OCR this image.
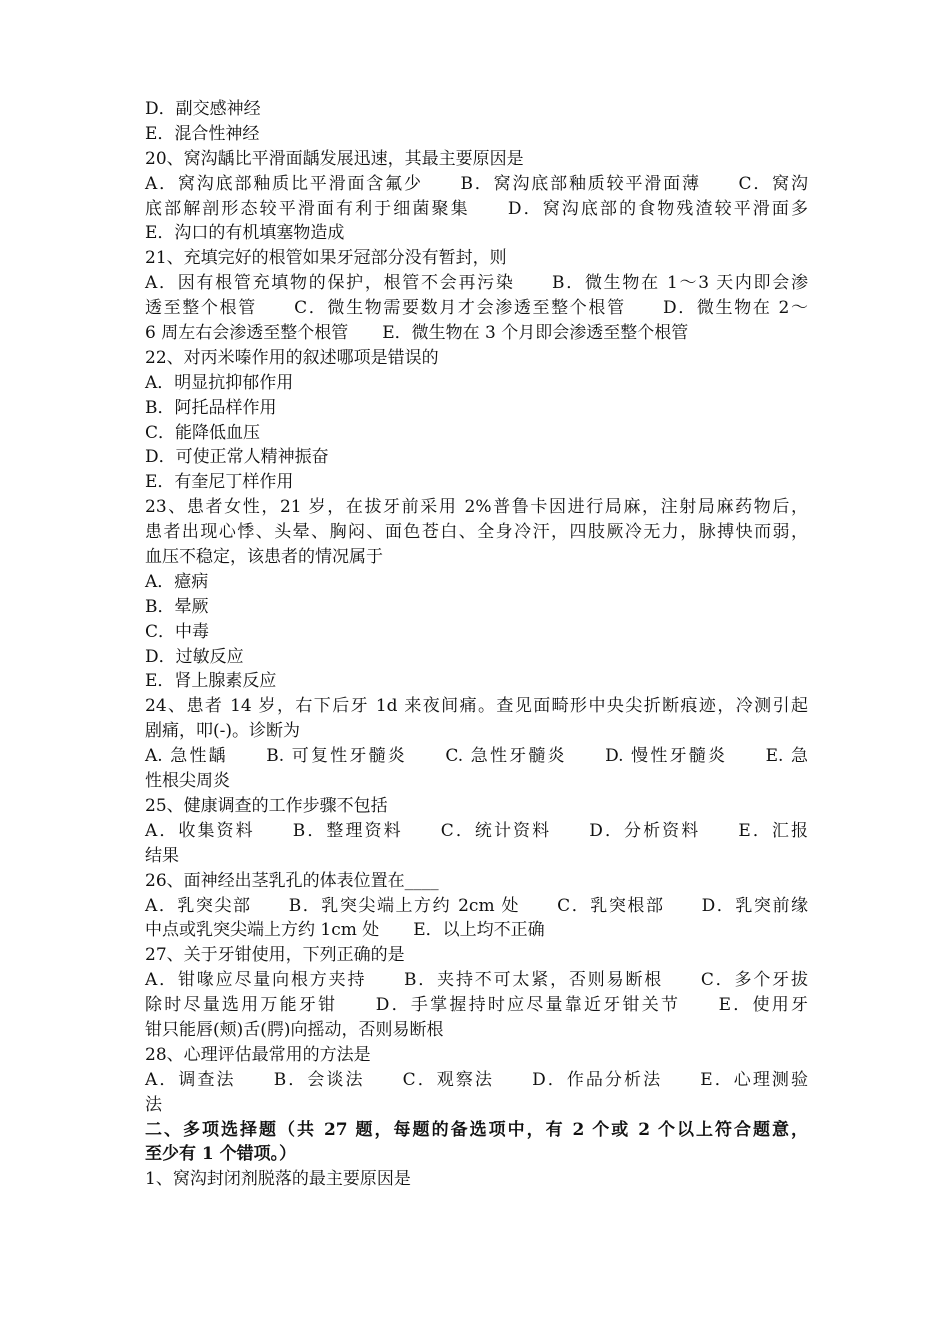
D．副交感神经
E．混合性神经
20、窝沟龋比平滑面龋发展迅速，其最主要原因是
A．窝沟底部釉质比平滑面含氟少　　B．窝沟底部釉质较平滑面薄　　C．窝沟
底部解剖形态较平滑面有利于细菌聚集　　D．窝沟底部的食物残渣较平滑面多
E．沟口的有机填塞物造成
21、充填完好的根管如果牙冠部分没有暂封，则
A．因有根管充填物的保护，根管不会再污染　　B．微生物在 1～3 天内即会渗
透至整个根管　　C．微生物需要数月才会渗透至整个根管　　D．微生物在 2～
6 周左右会渗透至整个根管　　E．微生物在 3 个月即会渗透至整个根管
22、对丙米嗪作用的叙述哪项是错误的
A．明显抗抑郁作用
B．阿托品样作用
C．能降低血压
D．可使正常人精神振奋
E．有奎尼丁样作用
23、患者女性，21 岁，在拔牙前采用 2%普鲁卡因进行局麻，注射局麻药物后，
患者出现心悸、头晕、胸闷、面色苍白、全身冷汗，四肢厥冷无力，脉搏快而弱，
血压不稳定，该患者的情况属于
A．癔病
B．晕厥
C．中毒
D．过敏反应
E．肾上腺素反应
24、患者 14 岁，右下后牙 1d 来夜间痛。查见面畸形中央尖折断痕迹，冷测引起
剧痛，叩(-)。诊断为
A. 急性龋　　B. 可复性牙髓炎　　C. 急性牙髓炎　　D. 慢性牙髓炎　　E. 急
性根尖周炎
25、健康调查的工作步骤不包括
A．收集资料　　B．整理资料　　C．统计资料　　D．分析资料　　E．汇报
结果
26、面神经出茎乳孔的体表位置在____
A．乳突尖部　　B．乳突尖端上方约 2cm 处　　C．乳突根部　　D．乳突前缘
中点或乳突尖端上方约 1cm 处　　E．以上均不正确
27、关于牙钳使用，下列正确的是
A．钳喙应尽量向根方夹持　　B．夹持不可太紧，否则易断根　　C．多个牙拔
除时尽量选用万能牙钳　　D．手掌握持时应尽量靠近牙钳关节　　E．使用牙
钳只能唇(颊)舌(腭)向摇动，否则易断根
28、心理评估最常用的方法是
A．调查法　　B．会谈法　　C．观察法　　D．作品分析法　　E．心理测验
法
二、多项选择题（共 27 题，每题的备选项中，有 2 个或 2 个以上符合题意，
至少有 1 个错项。）
1、窝沟封闭剂脱落的最主要原因是
